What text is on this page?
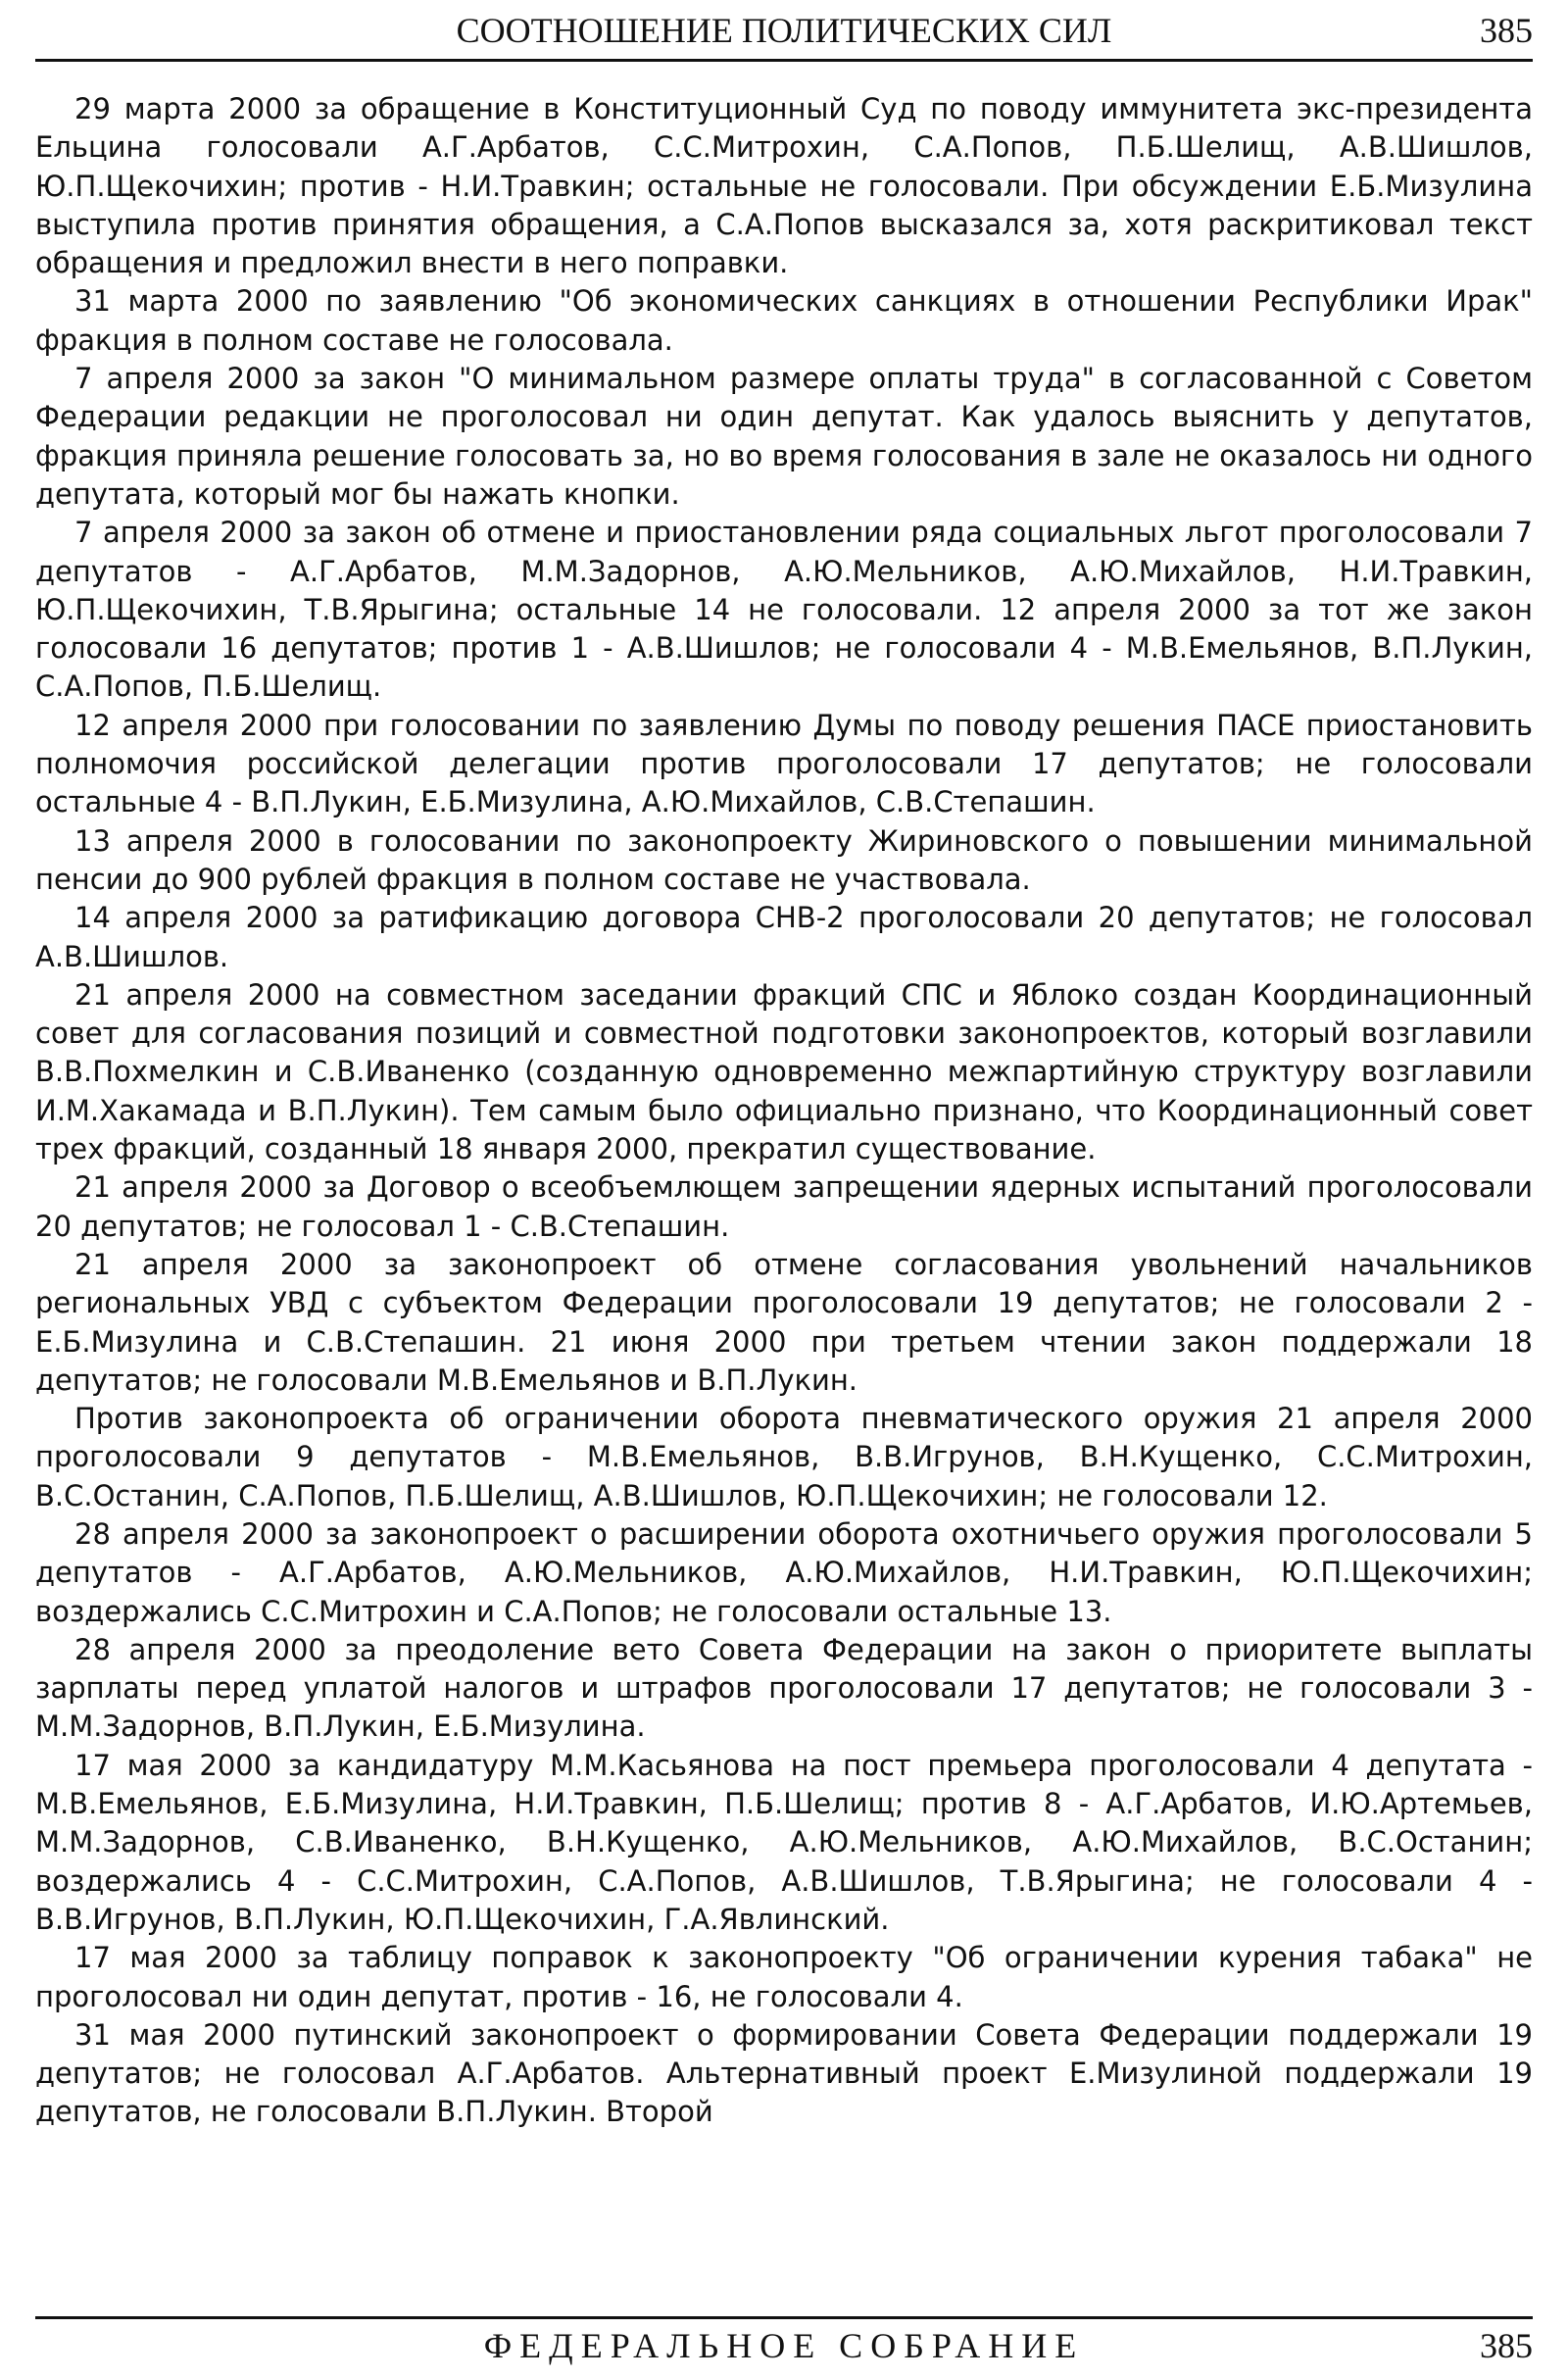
СООТНОШЕНИЕ ПОЛИТИЧЕСКИХ СИЛ	385

29 марта 2000 за обращение в Конституционный Суд по поводу иммунитета экс-президента Ельцина голосовали А.Г.Арбатов, С.С.Митрохин, С.А.Попов, П.Б.Шелищ, А.В.Шишлов, Ю.П.Щекочихин; против - Н.И.Травкин; остальные не голосовали. При обсуждении Е.Б.Мизулина выступила против принятия обращения, а С.А.Попов высказался за, хотя раскритиковал текст обращения и предложил внести в него поправки.

31 марта 2000 по заявлению "Об экономических санкциях в отношении Республики Ирак" фракция в полном составе не голосовала.

7 апреля 2000 за закон "О минимальном размере оплаты труда" в согласованной с Советом Федерации редакции не проголосовал ни один депутат. Как удалось выяснить у депутатов, фракция приняла решение голосовать за, но во время голосования в зале не оказалось ни одного депутата, который мог бы нажать кнопки.

7 апреля 2000 за закон об отмене и приостановлении ряда социальных льгот проголосовали 7 депутатов - А.Г.Арбатов, М.М.Задорнов, А.Ю.Мельников, А.Ю.Михайлов, Н.И.Травкин, Ю.П.Щекочихин, Т.В.Ярыгина; остальные 14 не голосовали. 12 апреля 2000 за тот же закон голосовали 16 депутатов; против 1 - А.В.Шишлов; не голосовали 4 - М.В.Емельянов, В.П.Лукин, С.А.Попов, П.Б.Шелищ.

12 апреля 2000 при голосовании по заявлению Думы по поводу решения ПАСЕ приостановить полномочия российской делегации против проголосовали 17 депутатов; не голосовали остальные 4 - В.П.Лукин, Е.Б.Мизулина, А.Ю.Михайлов, С.В.Степашин.

13 апреля 2000 в голосовании по законопроекту Жириновского о повышении минимальной пенсии до 900 рублей фракция в полном составе не участвовала.

14 апреля 2000 за ратификацию договора СНВ-2 проголосовали 20 депутатов; не голосовал А.В.Шишлов.

21 апреля 2000 на совместном заседании фракций СПС и Яблоко создан Координационный совет для согласования позиций и совместной подготовки законопроектов, который возглавили В.В.Похмелкин и С.В.Иваненко (созданную одновременно межпартийную структуру возглавили И.М.Хакамада и В.П.Лукин). Тем самым было официально признано, что Координационный совет трех фракций, созданный 18 января 2000, прекратил существование.

21 апреля 2000 за Договор о всеобъемлющем запрещении ядерных испытаний проголосовали 20 депутатов; не голосовал 1 - С.В.Степашин.

21 апреля 2000 за законопроект об отмене согласования увольнений начальников региональных УВД с субъектом Федерации проголосовали 19 депутатов; не голосовали 2 - Е.Б.Мизулина и С.В.Степашин. 21 июня 2000 при третьем чтении закон поддержали 18 депутатов; не голосовали М.В.Емельянов и В.П.Лукин.

Против законопроекта об ограничении оборота пневматического оружия 21 апреля 2000 проголосовали 9 депутатов - М.В.Емельянов, В.В.Игрунов, В.Н.Кущенко, С.С.Митрохин, В.С.Останин, С.А.Попов, П.Б.Шелищ, А.В.Шишлов, Ю.П.Щекочихин; не голосовали 12.

28 апреля 2000 за законопроект о расширении оборота охотничьего оружия проголосовали 5 депутатов - А.Г.Арбатов, А.Ю.Мельников, А.Ю.Михайлов, Н.И.Травкин, Ю.П.Щекочихин; воздержались С.С.Митрохин и С.А.Попов; не голосовали остальные 13.

28 апреля 2000 за преодоление вето Совета Федерации на закон о приоритете выплаты зарплаты перед уплатой налогов и штрафов проголосовали 17 депутатов; не голосовали 3 - М.М.Задорнов, В.П.Лукин, Е.Б.Мизулина.

17 мая 2000 за кандидатуру М.М.Касьянова на пост премьера проголосовали 4 депутата - М.В.Емельянов, Е.Б.Мизулина, Н.И.Травкин, П.Б.Шелищ; против 8 - А.Г.Арбатов, И.Ю.Артемьев, М.М.Задорнов, С.В.Иваненко, В.Н.Кущенко, А.Ю.Мельников, А.Ю.Михайлов, В.С.Останин; воздержались 4 - С.С.Митрохин, С.А.Попов, А.В.Шишлов, Т.В.Ярыгина; не голосовали 4 - В.В.Игрунов, В.П.Лукин, Ю.П.Щекочихин, Г.А.Явлинский.

17 мая 2000 за таблицу поправок к законопроекту "Об ограничении курения табака" не проголосовал ни один депутат, против - 16, не голосовали 4.

31 мая 2000 путинский законопроект о формировании Совета Федерации поддержали 19 депутатов; не голосовал А.Г.Арбатов. Альтернативный проект Е.Мизулиной поддержали 19 депутатов, не голосовали В.П.Лукин. Второй

ФЕДЕРАЛЬНОЕ СОБРАНИЕ	385
